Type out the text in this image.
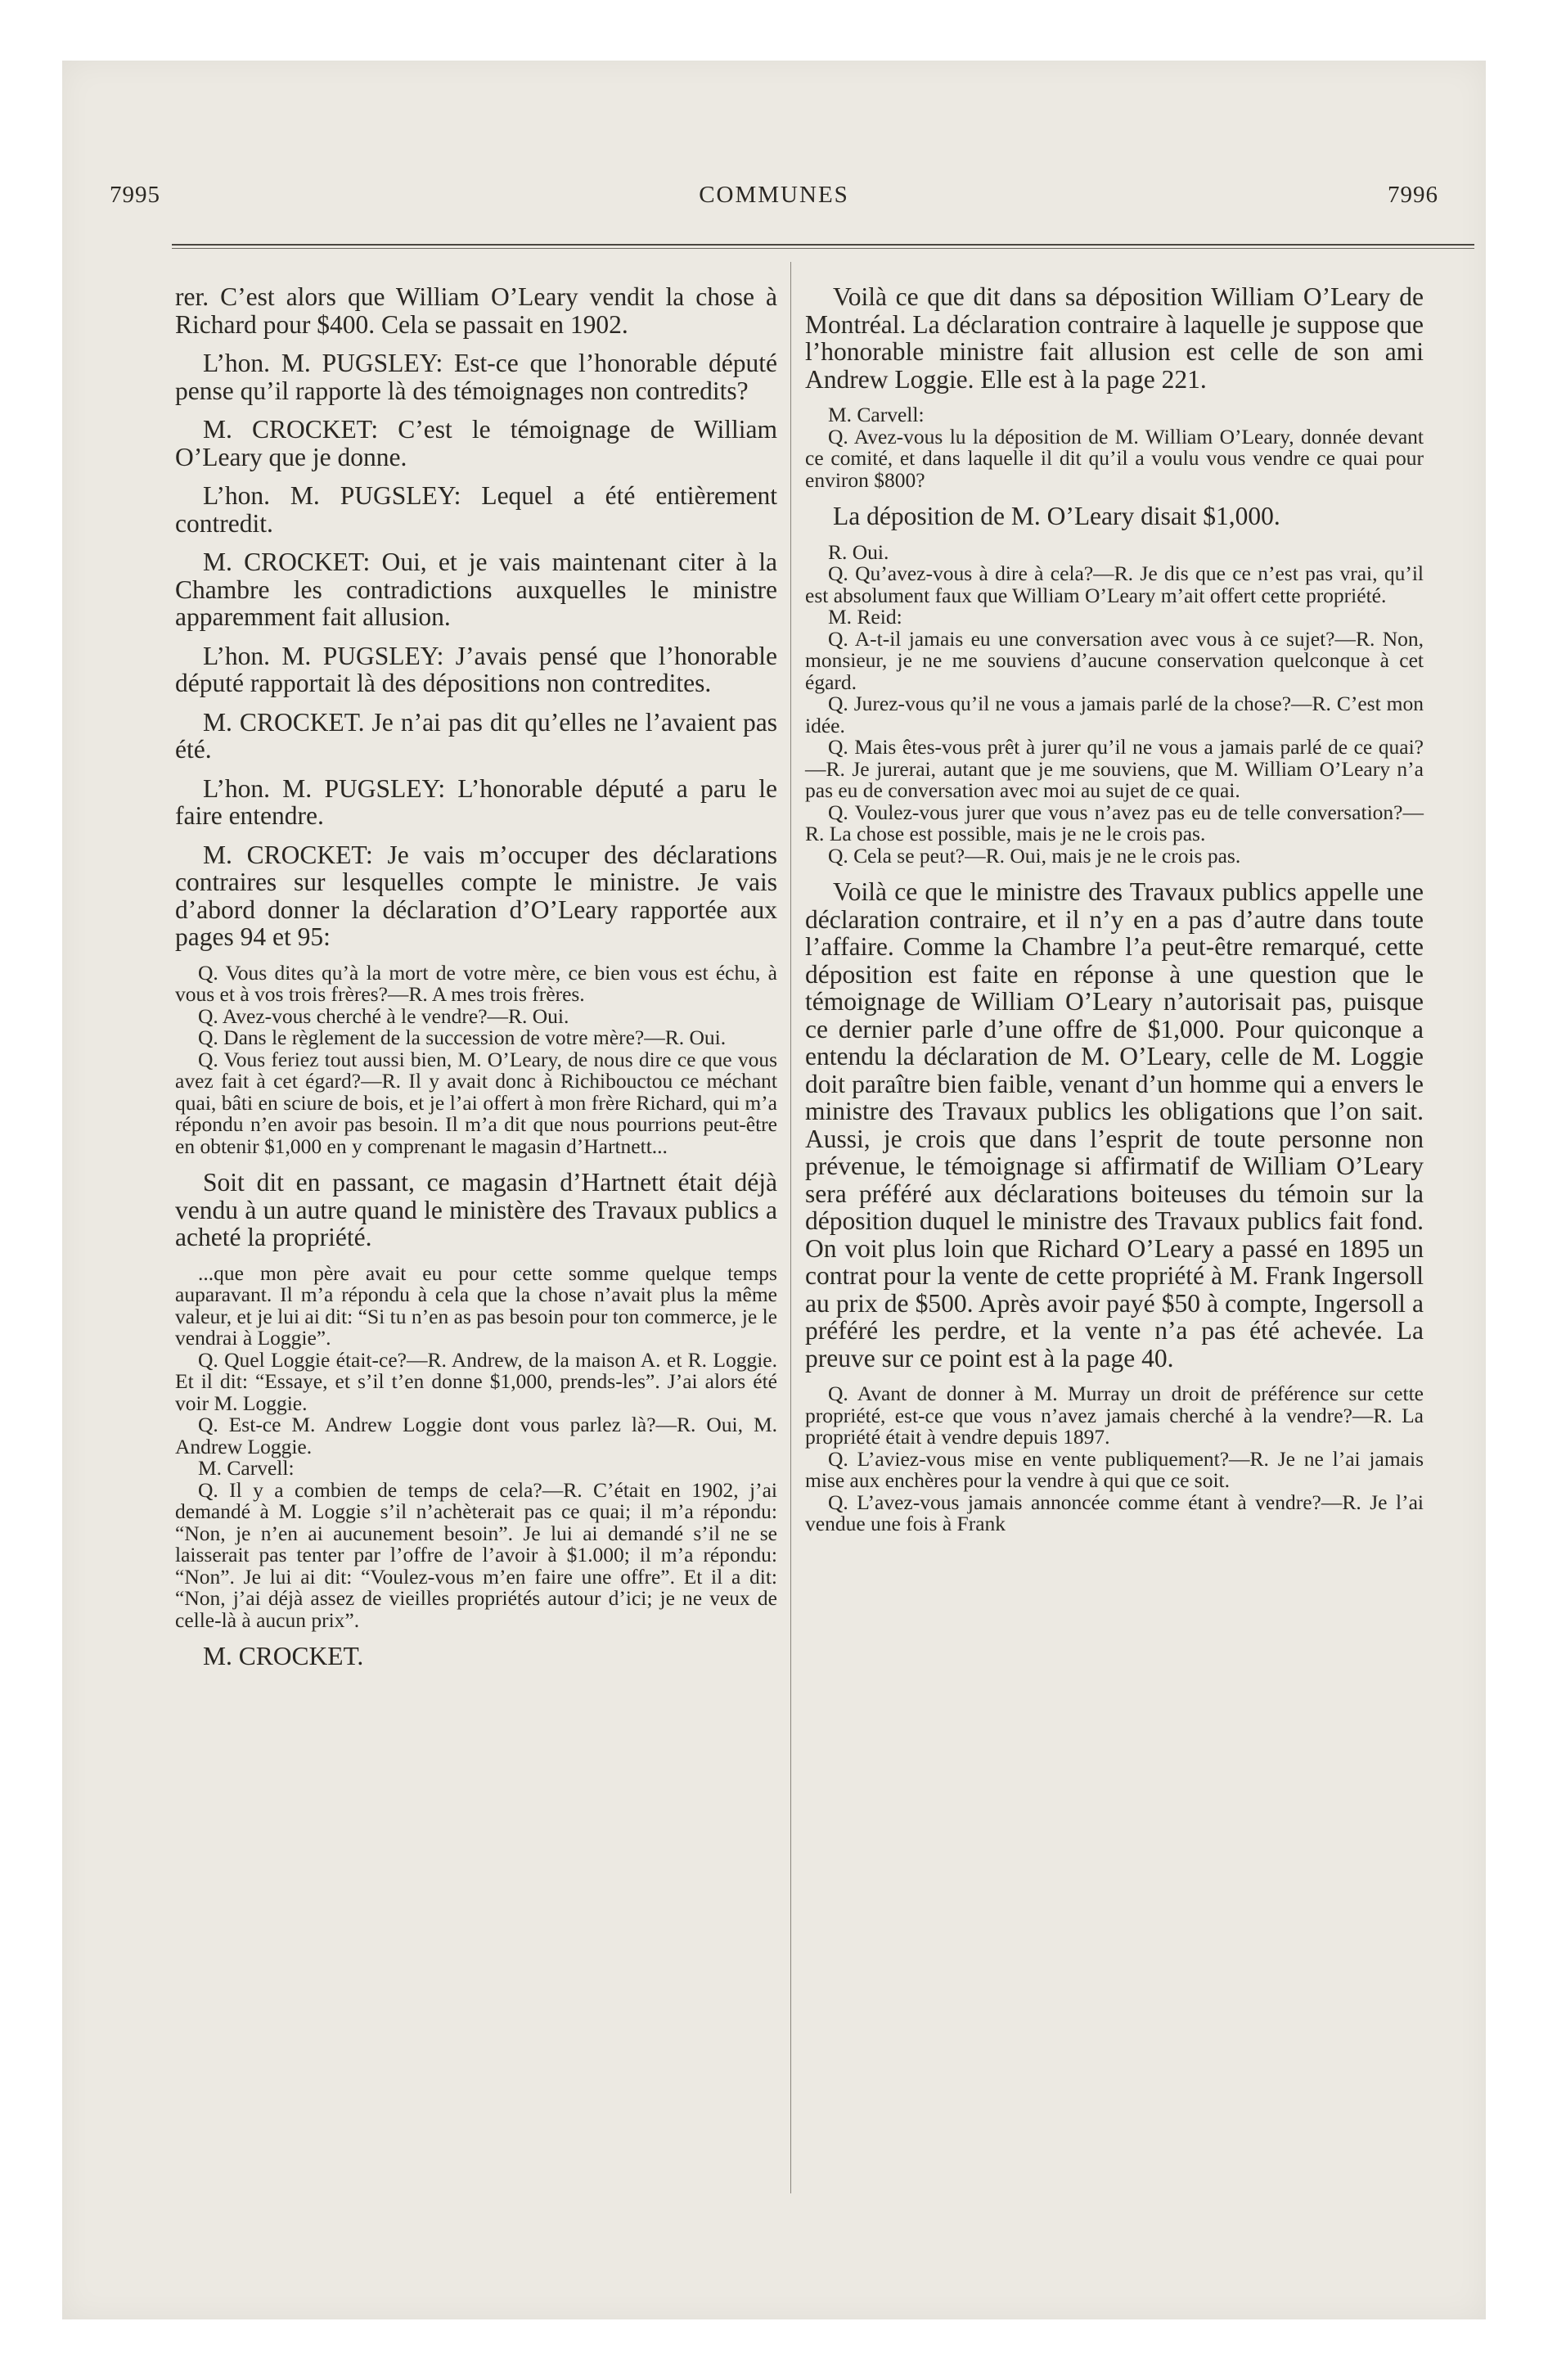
7995	COMMUNES	7996

rer. C’est alors que William O’Leary vendit la chose à Richard pour $400. Cela se passait en 1902.

L’hon. M. PUGSLEY: Est-ce que l’honorable député pense qu’il rapporte là des témoignages non contredits?

M. CROCKET: C’est le témoignage de William O’Leary que je donne.

L’hon. M. PUGSLEY: Lequel a été entièrement contredit.

M. CROCKET: Oui, et je vais maintenant citer à la Chambre les contradictions auxquelles le ministre apparemment fait allusion.

L’hon. M. PUGSLEY: J’avais pensé que l’honorable député rapportait là des dépositions non contredites.

M. CROCKET. Je n’ai pas dit qu’elles ne l’avaient pas été.

L’hon. M. PUGSLEY: L’honorable député a paru le faire entendre.

M. CROCKET: Je vais m’occuper des déclarations contraires sur lesquelles compte le ministre. Je vais d’abord donner la déclaration d’O’Leary rapportée aux pages 94 et 95:

Q. Vous dites qu’à la mort de votre mère, ce bien vous est échu, à vous et à vos trois frères?—R. A mes trois frères.

Q. Avez-vous cherché à le vendre?—R. Oui.

Q. Dans le règlement de la succession de votre mère?—R. Oui.

Q. Vous feriez tout aussi bien, M. O’Leary, de nous dire ce que vous avez fait à cet égard?—R. Il y avait donc à Richibouctou ce méchant quai, bâti en sciure de bois, et je l’ai offert à mon frère Richard, qui m’a répondu n’en avoir pas besoin. Il m’a dit que nous pourrions peut-être en obtenir $1,000 en y comprenant le magasin d’Hartnett...

Soit dit en passant, ce magasin d’Hartnett était déjà vendu à un autre quand le ministère des Travaux publics a acheté la propriété.

...que mon père avait eu pour cette somme quelque temps auparavant. Il m’a répondu à cela que la chose n’avait plus la même valeur, et je lui ai dit: “Si tu n’en as pas besoin pour ton commerce, je le vendrai à Loggie”.

Q. Quel Loggie était-ce?—R. Andrew, de la maison A. et R. Loggie. Et il dit: “Essaye, et s’il t’en donne $1,000, prends-les”. J’ai alors été voir M. Loggie.

Q. Est-ce M. Andrew Loggie dont vous parlez là?—R. Oui, M. Andrew Loggie.

M. Carvell:

Q. Il y a combien de temps de cela?—R. C’était en 1902, j’ai demandé à M. Loggie s’il n’achèterait pas ce quai; il m’a répondu: “Non, je n’en ai aucunement besoin”. Je lui ai demandé s’il ne se laisserait pas tenter par l’offre de l’avoir à $1.000; il m’a répondu: “Non”. Je lui ai dit: “Voulez-vous m’en faire une offre”. Et il a dit: “Non, j’ai déjà assez de vieilles propriétés autour d’ici; je ne veux de celle-là à aucun prix”.

M. CROCKET.

Voilà ce que dit dans sa déposition William O’Leary de Montréal. La déclaration contraire à laquelle je suppose que l’honorable ministre fait allusion est celle de son ami Andrew Loggie. Elle est à la page 221.

M. Carvell:

Q. Avez-vous lu la déposition de M. William O’Leary, donnée devant ce comité, et dans laquelle il dit qu’il a voulu vous vendre ce quai pour environ $800?

La déposition de M. O’Leary disait $1,000.

R. Oui.

Q. Qu’avez-vous à dire à cela?—R. Je dis que ce n’est pas vrai, qu’il est absolument faux que William O’Leary m’ait offert cette propriété.

M. Reid:

Q. A-t-il jamais eu une conversation avec vous à ce sujet?—R. Non, monsieur, je ne me souviens d’aucune conservation quelconque à cet égard.

Q. Jurez-vous qu’il ne vous a jamais parlé de la chose?—R. C’est mon idée.

Q. Mais êtes-vous prêt à jurer qu’il ne vous a jamais parlé de ce quai?—R. Je jurerai, autant que je me souviens, que M. William O’Leary n’a pas eu de conversation avec moi au sujet de ce quai.

Q. Voulez-vous jurer que vous n’avez pas eu de telle conversation?—R. La chose est possible, mais je ne le crois pas.

Q. Cela se peut?—R. Oui, mais je ne le crois pas.

Voilà ce que le ministre des Travaux publics appelle une déclaration contraire, et il n’y en a pas d’autre dans toute l’affaire. Comme la Chambre l’a peut-être remarqué, cette déposition est faite en réponse à une question que le témoignage de William O’Leary n’autorisait pas, puisque ce dernier parle d’une offre de $1,000. Pour quiconque a entendu la déclaration de M. O’Leary, celle de M. Loggie doit paraître bien faible, venant d’un homme qui a envers le ministre des Travaux publics les obligations que l’on sait. Aussi, je crois que dans l’esprit de toute personne non prévenue, le témoignage si affirmatif de William O’Leary sera préféré aux déclarations boiteuses du témoin sur la déposition duquel le ministre des Travaux publics fait fond. On voit plus loin que Richard O’Leary a passé en 1895 un contrat pour la vente de cette propriété à M. Frank Ingersoll au prix de $500. Après avoir payé $50 à compte, Ingersoll a préféré les perdre, et la vente n’a pas été achevée. La preuve sur ce point est à la page 40.

Q. Avant de donner à M. Murray un droit de préférence sur cette propriété, est-ce que vous n’avez jamais cherché à la vendre?—R. La propriété était à vendre depuis 1897.

Q. L’aviez-vous mise en vente publiquement?—R. Je ne l’ai jamais mise aux enchères pour la vendre à qui que ce soit.

Q. L’avez-vous jamais annoncée comme étant à vendre?—R. Je l’ai vendue une fois à Frank
